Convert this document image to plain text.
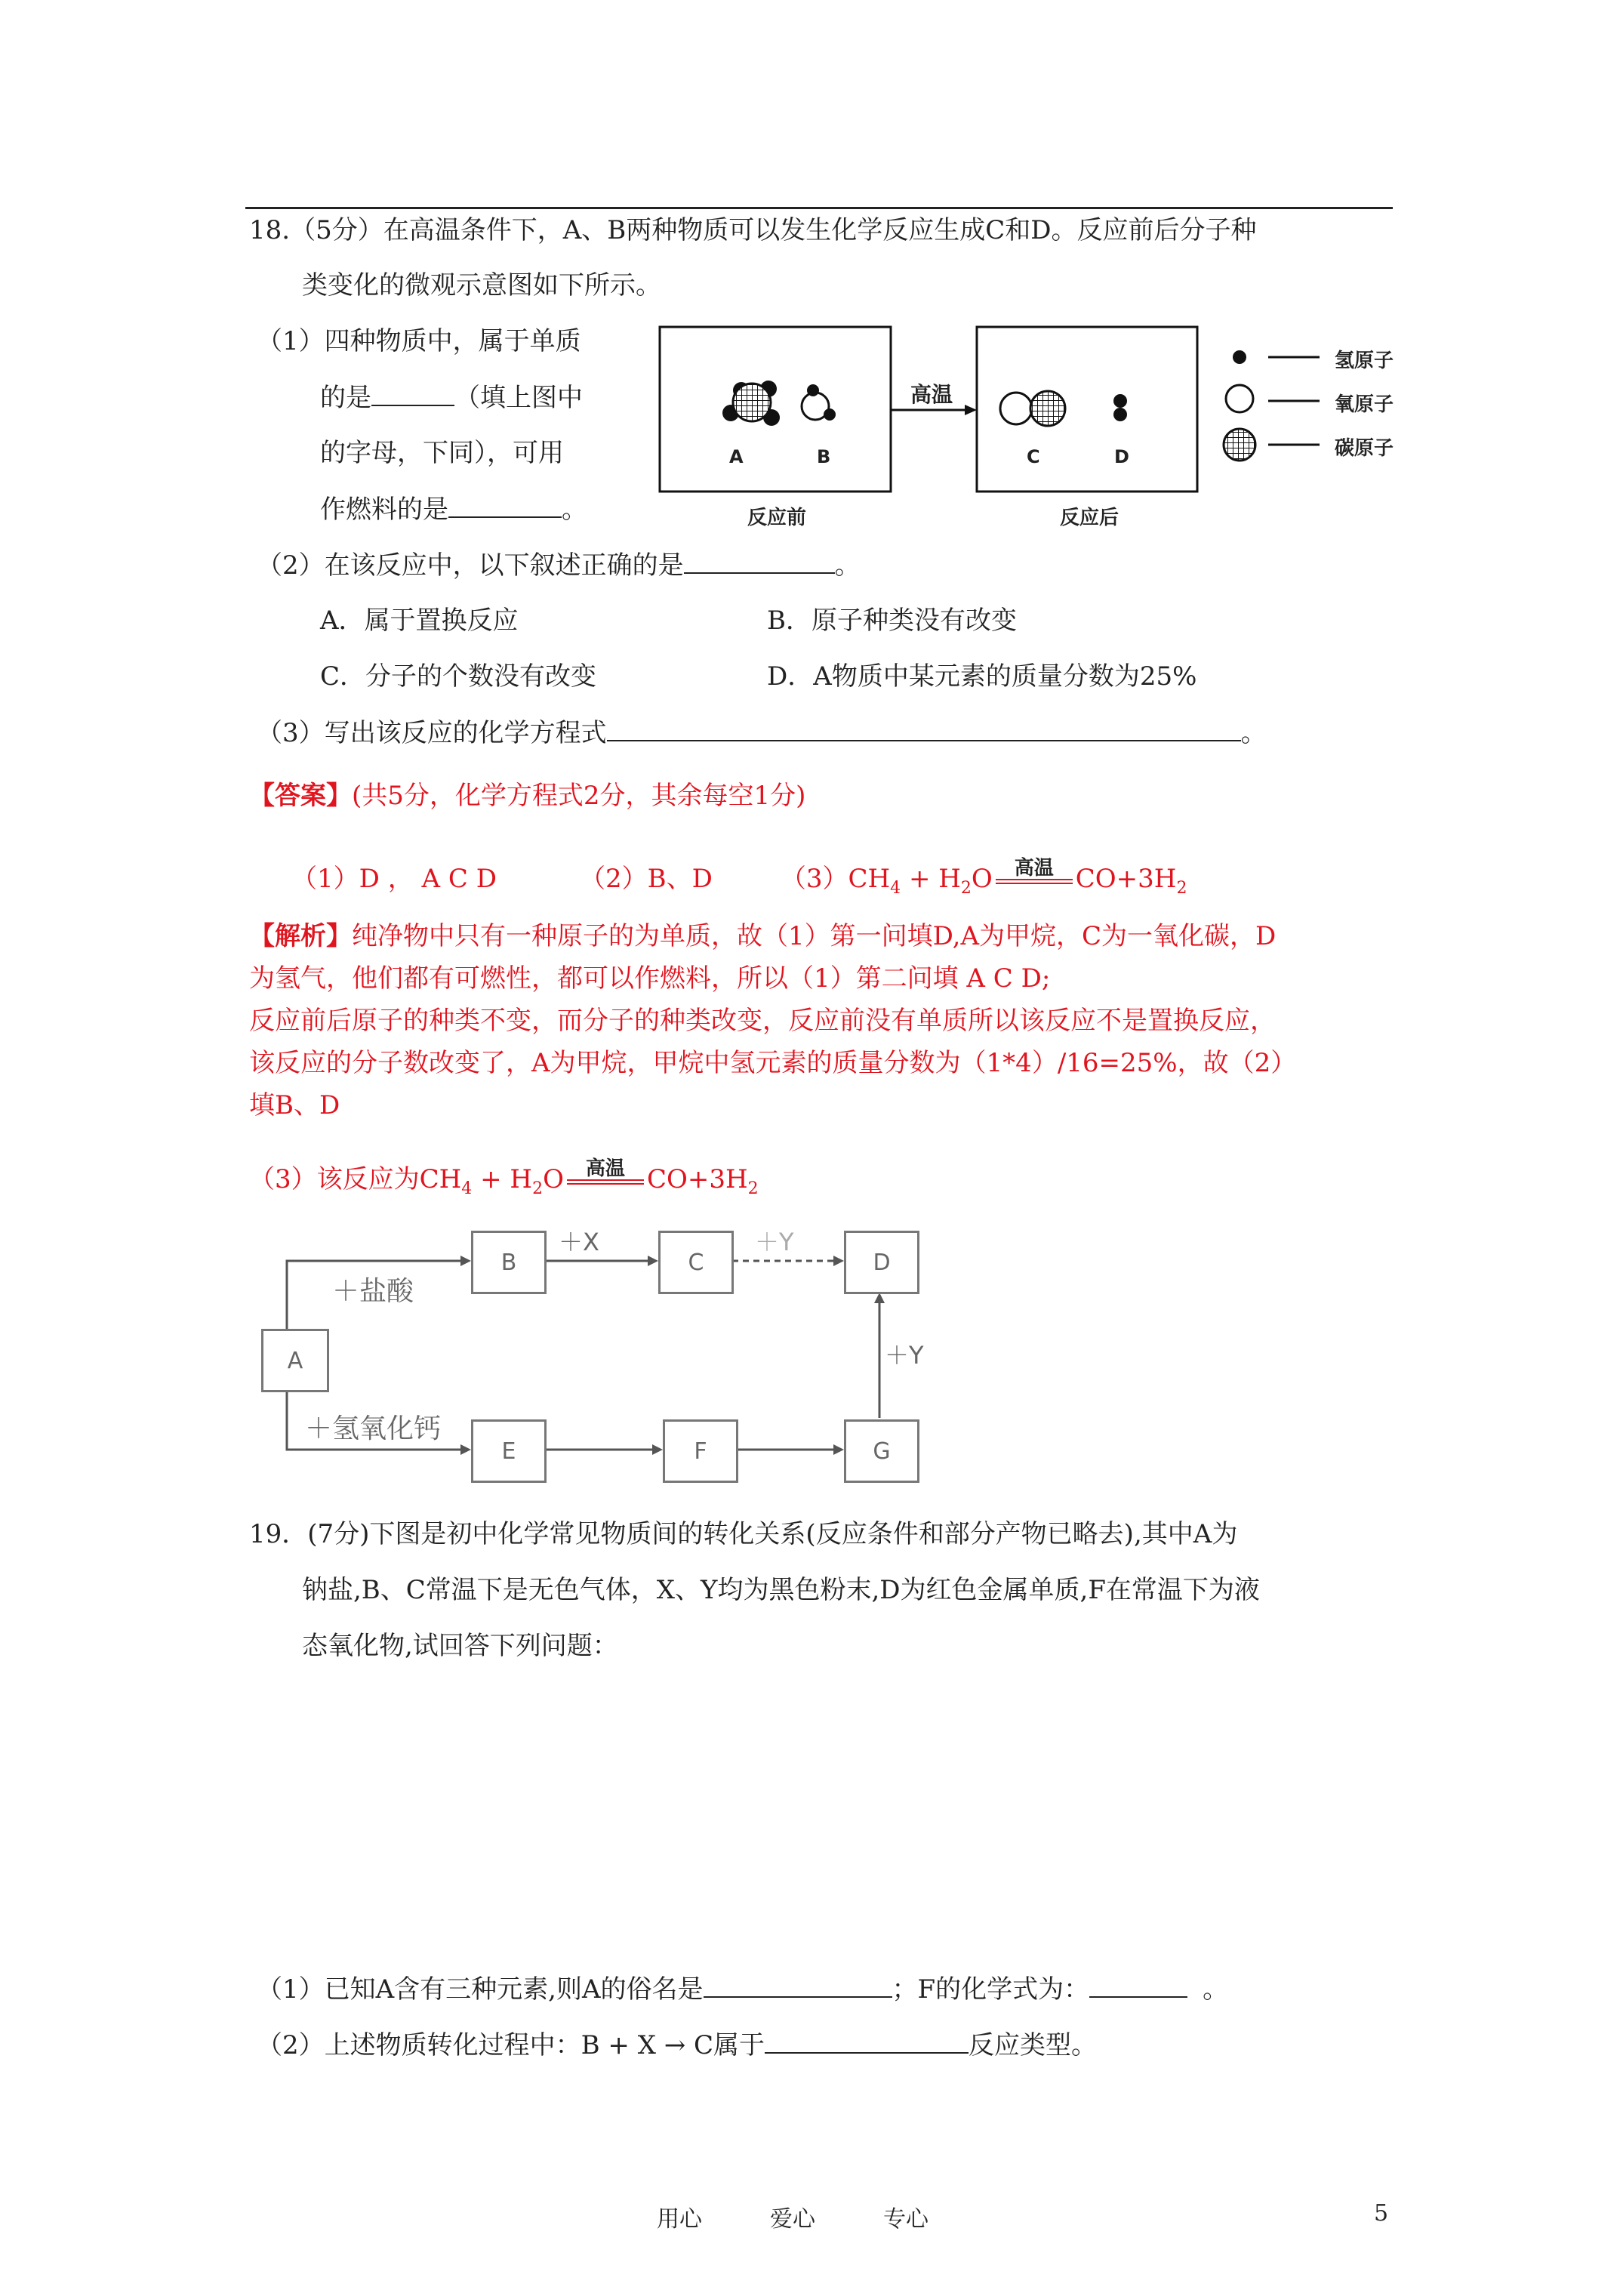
18.（5分）在高温条件下，A、B两种物质可以发生化学反应生成C和D。反应前后分子种
类变化的微观示意图如下所示。
（1）四种物质中，属于单质
的是	（填上图中
的字母，下同），可用
作燃料的是	。
高温
A	B	C	D
反应前	反应后
氢原子
氧原子
碳原子
（2）在该反应中，以下叙述正确的是	。
A．属于置换反应	B．原子种类没有改变
C．分子的个数没有改变	D．A物质中某元素的质量分数为25%
（3）写出该反应的化学方程式	。
【答案】(共5分，化学方程式2分，其余每空1分)
（1）D ， A C D	（2）B、D	$(3)CH_4 + H_2O$	高温 $CO+3H_2$
【解析】纯净物中只有一种原子的为单质，故（1）第一问填D,A为甲烷，C为一氧化碳，D
为氢气，他们都有可燃性，都可以作燃料，所以（1）第二问填 A C D;
反应前后原子的种类不变，而分子的种类改变，反应前没有单质所以该反应不是置换反应，
该反应的分子数改变了，A为甲烷，甲烷中氢元素的质量分数为（1*4）/16=25%，故（2）
填B、D
（3）该反应为$CH_4 + H_2O$	高温 $CO+3H_2$
A
B	C	D
E	F	G
＋盐酸
＋氢氧化钙
＋X	＋Y
＋Y
19．(7分)下图是初中化学常见物质间的转化关系(反应条件和部分产物已略去),其中A为
钠盐,B、C常温下是无色气体，X、Y均为黑色粉末,D为红色金属单质,F在常温下为液
态氧化物,试回答下列问题：
（1）已知A含有三种元素,则A的俗名是	；F的化学式为：	。
（2）上述物质转化过程中：B + X → C属于	反应类型。
用心　　　爱心　　　专心	5
